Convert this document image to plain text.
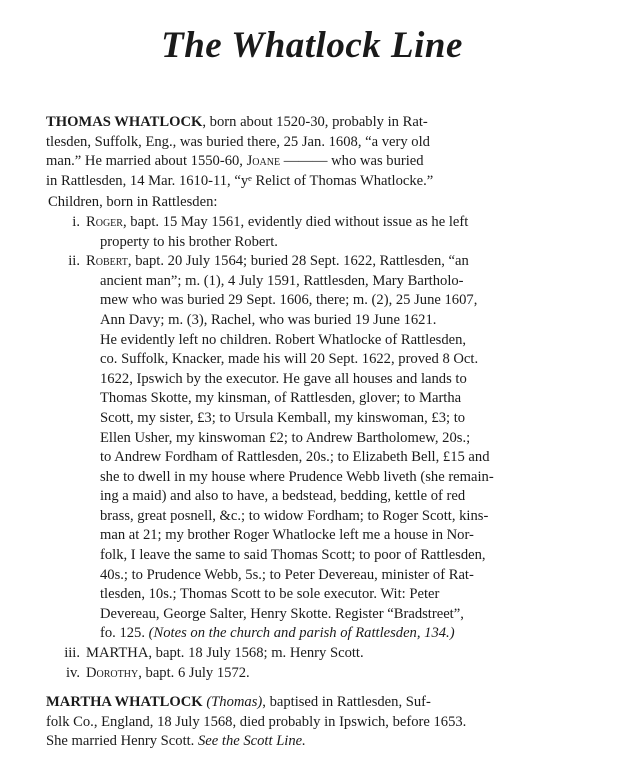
The Whatlock Line
THOMAS WHATLOCK, born about 1520-30, probably in Rat-
tlesden, Suffolk, Eng., was buried there, 25 Jan. 1608, “a very old
man.” He married about 1550-60, Joane ——— who was buried
in Rattlesden, 14 Mar. 1610-11, “yᵉ Relict of Thomas Whatlocke.”
Children, born in Rattlesden:
i. Roger, bapt. 15 May 1561, evidently died without issue as he left
property to his brother Robert.
ii. Robert, bapt. 20 July 1564; buried 28 Sept. 1622, Rattlesden, “an
ancient man”; m. (1), 4 July 1591, Rattlesden, Mary Bartholo-
mew who was buried 29 Sept. 1606, there; m. (2), 25 June 1607,
Ann Davy; m. (3), Rachel, who was buried 19 June 1621.
He evidently left no children. Robert Whatlocke of Rattlesden,
co. Suffolk, Knacker, made his will 20 Sept. 1622, proved 8 Oct.
1622, Ipswich by the executor. He gave all houses and lands to
Thomas Skotte, my kinsman, of Rattlesden, glover; to Martha
Scott, my sister, £3; to Ursula Kemball, my kinswoman, £3; to
Ellen Usher, my kinswoman £2; to Andrew Bartholomew, 20s.;
to Andrew Fordham of Rattlesden, 20s.; to Elizabeth Bell, £15 and
she to dwell in my house where Prudence Webb liveth (she remain-
ing a maid) and also to have, a bedstead, bedding, kettle of red
brass, great posnell, &c.; to widow Fordham; to Roger Scott, kins-
man at 21; my brother Roger Whatlocke left me a house in Nor-
folk, I leave the same to said Thomas Scott; to poor of Rattlesden,
40s.; to Prudence Webb, 5s.; to Peter Devereau, minister of Rat-
tlesden, 10s.; Thomas Scott to be sole executor. Wit: Peter
Devereau, George Salter, Henry Skotte. Register “Bradstreet”,
fo. 125. (Notes on the church and parish of Rattlesden, 134.)
iii. MARTHA, bapt. 18 July 1568; m. Henry Scott.
iv. Dorothy, bapt. 6 July 1572.
MARTHA WHATLOCK (Thomas), baptised in Rattlesden, Suf-
folk Co., England, 18 July 1568, died probably in Ipswich, before 1653.
She married Henry Scott. See the Scott Line.
